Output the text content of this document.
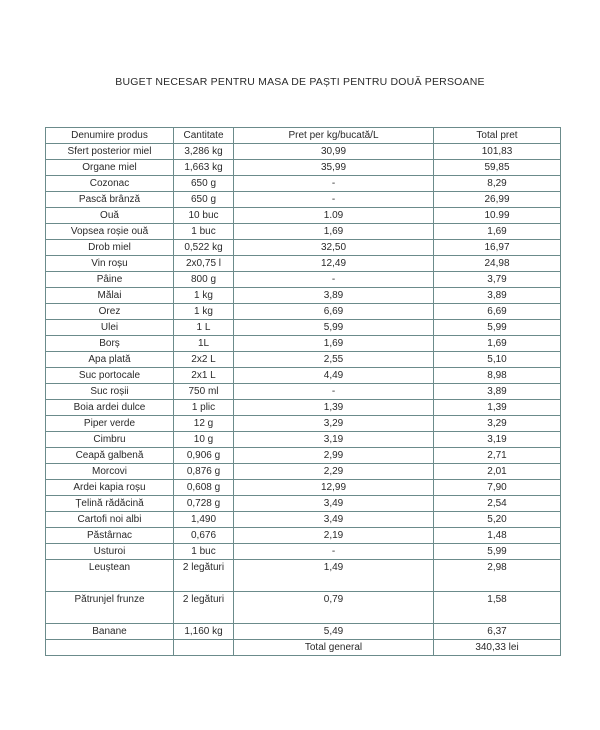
BUGET NECESAR PENTRU MASA DE PAȘTI PENTRU DOUĂ PERSOANE
Denumire produs	Cantitate	Pret per kg/bucată/L	Total pret
Sfert posterior miel	3,286 kg	30,99	101,83
Organe miel	1,663 kg	35,99	59,85
Cozonac	650 g	-	8,29
Pască brânză	650 g	-	26,99
Ouă	10 buc	1.09	10.99
Vopsea roșie ouă	1 buc	1,69	1,69
Drob miel	0,522 kg	32,50	16,97
Vin roșu	2x0,75 l	12,49	24,98
Pâine	800 g	-	3,79
Mălai	1 kg	3,89	3,89
Orez	1 kg	6,69	6,69
Ulei	1 L	5,99	5,99
Borș	1L	1,69	1,69
Apa plată	2x2 L	2,55	5,10
Suc portocale	2x1 L	4,49	8,98
Suc roșii	750 ml	-	3,89
Boia ardei dulce	1 plic	1,39	1,39
Piper verde	12 g	3,29	3,29
Cimbru	10 g	3,19	3,19
Ceapă galbenă	0,906 g	2,99	2,71
Morcovi	0,876 g	2,29	2,01
Ardei kapia roșu	0,608 g	12,99	7,90
Țelină rădăcină	0,728 g	3,49	2,54
Cartofi noi albi	1,490	3,49	5,20
Păstârnac	0,676	2,19	1,48
Usturoi	1 buc	-	5,99
Leuștean	2 legături	1,49	2,98
Pătrunjel frunze	2 legături	0,79	1,58
Banane	1,160 kg	5,49	6,37
		Total general	340,33 lei
